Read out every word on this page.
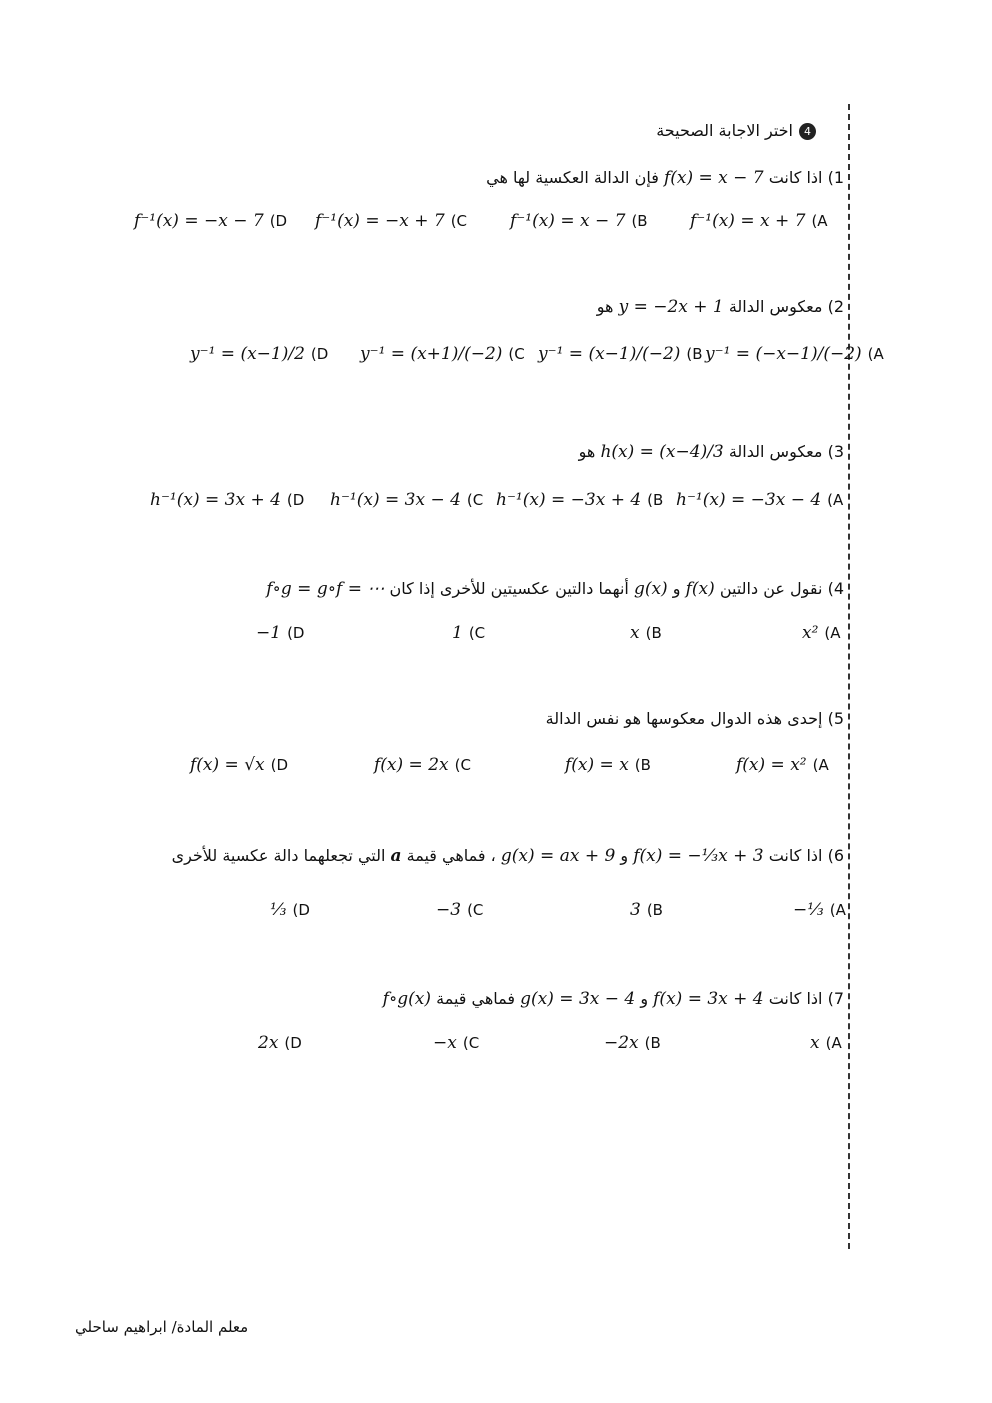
4اختر الاجابة الصحيحة
1) اذا كانت f(x) = x − 7 فإن الدالة العكسية لها هي
f⁻¹(x) = x + 7 (A
f⁻¹(x) = x − 7 (B
f⁻¹(x) = −x + 7 (C
f⁻¹(x) = −x − 7 (D
2) معكوس الدالة y = −2x + 1 هو
y⁻¹ = (−x−1)/(−2) (A
y⁻¹ = (x−1)/(−2) (B
y⁻¹ = (x+1)/(−2) (C
y⁻¹ = (x−1)/2 (D
3) معكوس الدالة h(x) = (x−4)/3 هو
h⁻¹(x) = −3x − 4 (A
h⁻¹(x) = −3x + 4 (B
h⁻¹(x) = 3x − 4 (C
h⁻¹(x) = 3x + 4 (D
4) نقول عن دالتين f(x) و g(x) أنهما دالتين عكسيتين للأخرى إذا كان f∘g = g∘f = ⋯
x² (A
x (B
1 (C
−1 (D
5) إحدى هذه الدوال معكوسها هو نفس الدالة
f(x) = x² (A
f(x) = x (B
f(x) = 2x (C
f(x) = √x (D
6) اذا كانت f(x) = −⅓x + 3 و g(x) = ax + 9 ، فماهي قيمة a التي تجعلهما دالة عكسية للأخرى
−⅓ (A
3 (B
−3 (C
⅓ (D
7) اذا كانت f(x) = 3x + 4 و g(x) = 3x − 4 فماهي قيمة f∘g(x)
x (A
−2x (B
−x (C
2x (D
معلم المادة/ ابراهيم ساحلي
